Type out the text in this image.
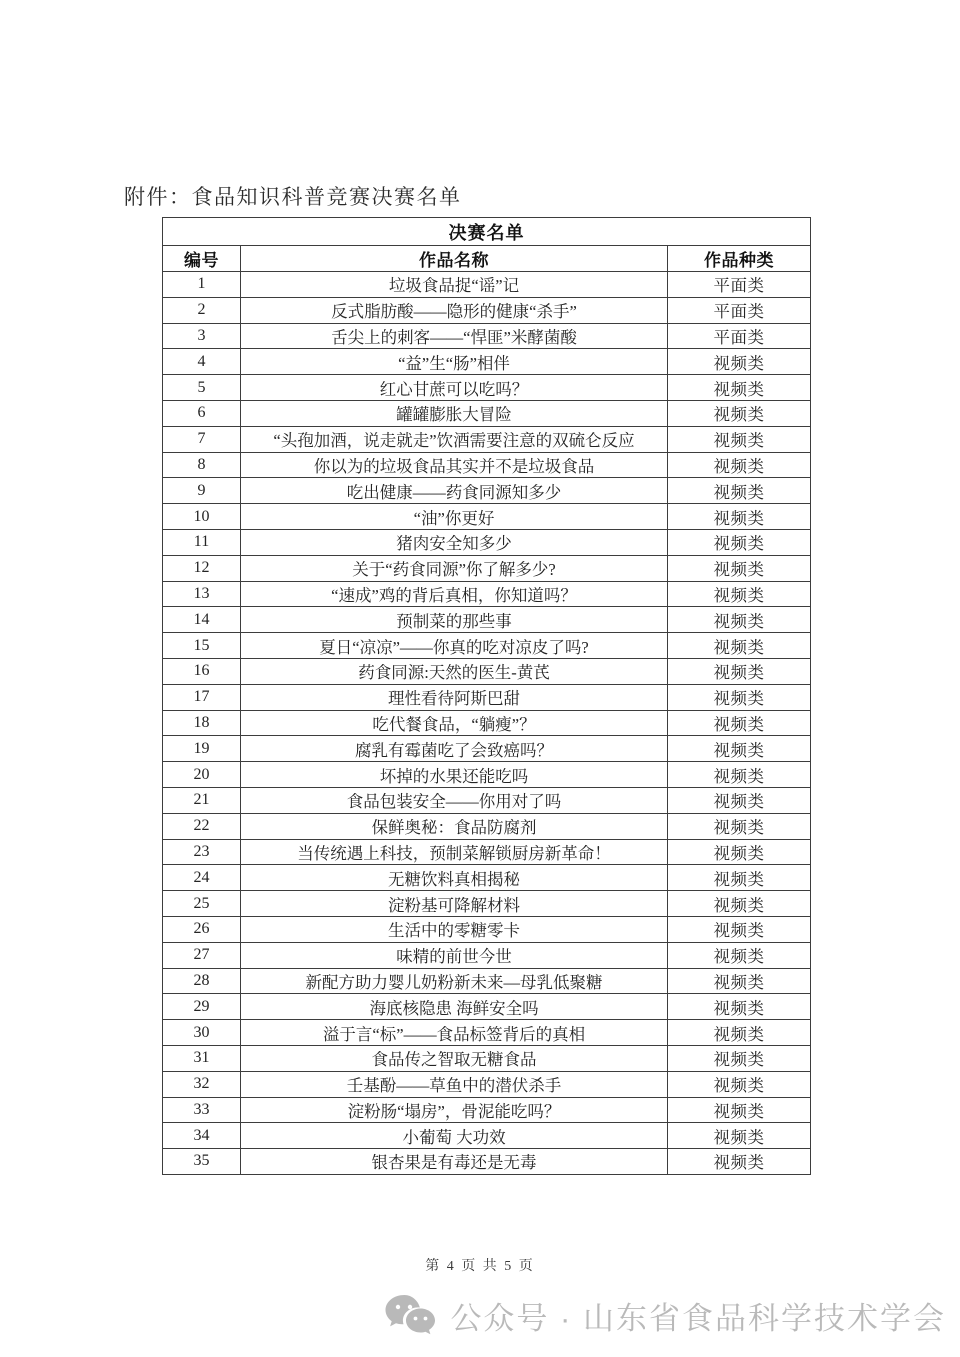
附件：食品知识科普竞赛决赛名单
决赛名单		
编号	作品名称	作品种类
1	垃圾食品捉“谣”记	平面类
2	反式脂肪酸——隐形的健康“杀手”	平面类
3	舌尖上的刺客——“悍匪”米酵菌酸	平面类
4	“益”生“肠”相伴	视频类
5	红心甘蔗可以吃吗？	视频类
6	罐罐膨胀大冒险	视频类
7	“头孢加酒，说走就走”饮酒需要注意的双硫仑反应	视频类
8	你以为的垃圾食品其实并不是垃圾食品	视频类
9	吃出健康——药食同源知多少	视频类
10	“油”你更好	视频类
11	猪肉安全知多少	视频类
12	关于“药食同源”你了解多少?	视频类
13	“速成”鸡的背后真相，你知道吗？	视频类
14	预制菜的那些事	视频类
15	夏日“凉凉”——你真的吃对凉皮了吗?	视频类
16	药食同源:天然的医生-黄芪	视频类
17	理性看待阿斯巴甜	视频类
18	吃代餐食品，“躺瘦”？	视频类
19	腐乳有霉菌吃了会致癌吗？	视频类
20	坏掉的水果还能吃吗	视频类
21	食品包装安全——你用对了吗	视频类
22	保鲜奥秘：食品防腐剂	视频类
23	当传统遇上科技，预制菜解锁厨房新革命！	视频类
24	无糖饮料真相揭秘	视频类
25	淀粉基可降解材料	视频类
26	生活中的零糖零卡	视频类
27	味精的前世今世	视频类
28	新配方助力婴儿奶粉新未来—母乳低聚糖	视频类
29	海底核隐患 海鲜安全吗	视频类
30	溢于言“标”——食品标签背后的真相	视频类
31	食品传之智取无糖食品	视频类
32	壬基酚——草鱼中的潜伏杀手	视频类
33	淀粉肠“塌房”，骨泥能吃吗？	视频类
34	小葡萄 大功效	视频类
35	银杏果是有毒还是无毒	视频类
第 4 页 共 5 页
公众号 · 山东省食品科学技术学会
